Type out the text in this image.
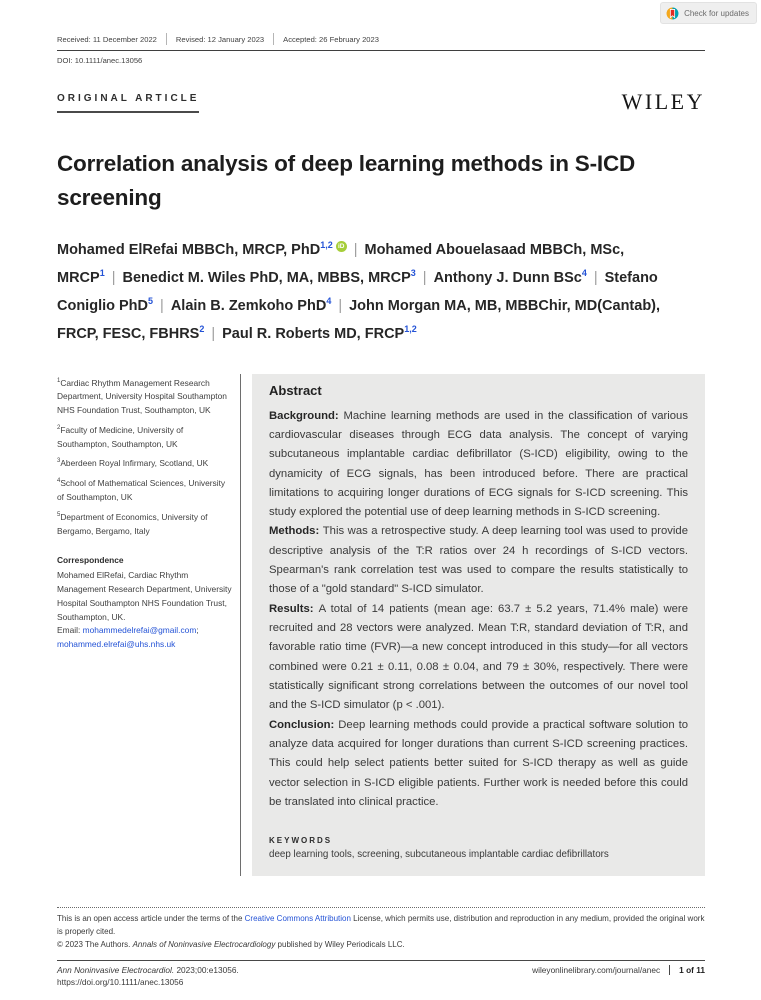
Check for updates
Received: 11 December 2022	Revised: 12 January 2023	Accepted: 26 February 2023
DOI: 10.1111/anec.13056
ORIGINAL ARTICLE	WILEY
Correlation analysis of deep learning methods in S-ICD screening
Mohamed ElRefai MBBCh, MRCP, PhD$^{1,2}$ iD | Mohamed Abouelasaad MBBCh, MSc, MRCP$^1$ | Benedict M. Wiles PhD, MA, MBBS, MRCP$^3$ | Anthony J. Dunn BSc$^4$ | Stefano Coniglio PhD$^5$ | Alain B. Zemkoho PhD$^4$ | John Morgan MA, MB, MBBChir, MD(Cantab), FRCP, FESC, FBHRS$^2$ | Paul R. Roberts MD, FRCP$^{1,2}$

$^1$Cardiac Rhythm Management Research Department, University Hospital Southampton NHS Foundation Trust, Southampton, UK

$^2$Faculty of Medicine, University of Southampton, Southampton, UK

$^3$Aberdeen Royal Infirmary, Scotland, UK

$^4$School of Mathematical Sciences, University of Southampton, UK

$^5$Department of Economics, University of Bergamo, Bergamo, Italy

Correspondence
Mohamed ElRefai, Cardiac Rhythm Management Research Department, University Hospital Southampton NHS Foundation Trust, Southampton, UK.
Email: mohammedelrefai@gmail.com;
mohammed.elrefai@uhs.nhs.uk
Abstract
Background: Machine learning methods are used in the classification of various cardiovascular diseases through ECG data analysis. The concept of varying subcutaneous implantable cardiac defibrillator (S-ICD) eligibility, owing to the dynamicity of ECG signals, has been introduced before. There are practical limitations to acquiring longer durations of ECG signals for S-ICD screening. This study explored the potential use of deep learning methods in S-ICD screening.
Methods: This was a retrospective study. A deep learning tool was used to provide descriptive analysis of the T:R ratios over 24 h recordings of S-ICD vectors. Spearman's rank correlation test was used to compare the results statistically to those of a "gold standard" S-ICD simulator.
Results: A total of 14 patients (mean age: 63.7 ± 5.2 years, 71.4% male) were recruited and 28 vectors were analyzed. Mean T:R, standard deviation of T:R, and favorable ratio time (FVR)—a new concept introduced in this study—for all vectors combined were 0.21 ± 0.11, 0.08 ± 0.04, and 79 ± 30%, respectively. There were statistically significant strong correlations between the outcomes of our novel tool and the S-ICD simulator (p < .001).
Conclusion: Deep learning methods could provide a practical software solution to analyze data acquired for longer durations than current S-ICD screening practices. This could help select patients better suited for S-ICD therapy as well as guide vector selection in S-ICD eligible patients. Further work is needed before this could be translated into clinical practice.
KEYWORDS
deep learning tools, screening, subcutaneous implantable cardiac defibrillators
This is an open access article under the terms of the Creative Commons Attribution License, which permits use, distribution and reproduction in any medium, provided the original work is properly cited.
© 2023 The Authors. Annals of Noninvasive Electrocardiology published by Wiley Periodicals LLC.
Ann Noninvasive Electrocardiol. 2023;00:e13056.
https://doi.org/10.1111/anec.13056
wileyonlinelibrary.com/journal/anec	1 of 11
